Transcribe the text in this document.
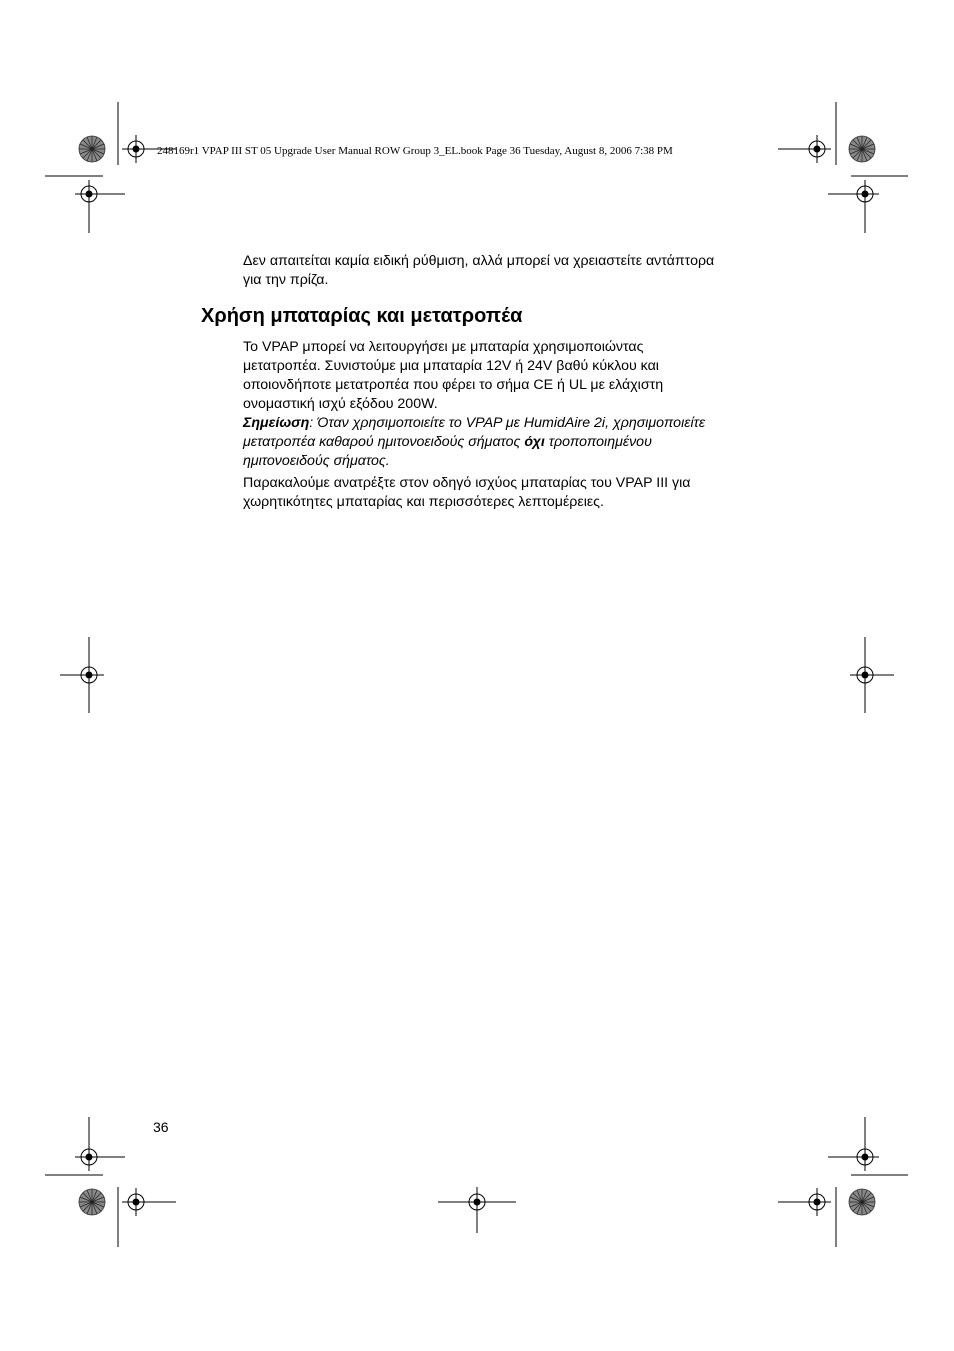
248169r1 VPAP III ST 05 Upgrade User Manual ROW Group 3_EL.book Page 36 Tuesday, August 8, 2006 7:38 PM

Δεν απαιτείται καμία ειδική ρύθμιση, αλλά μπορεί να χρειαστείτε αντάπτορα
για την πρίζα.

Χρήση μπαταρίας και μετατροπέα

Το VPAP μπορεί να λειτουργήσει με μπαταρία χρησιμοποιώντας
μετατροπέα. Συνιστούμε μια μπαταρία 12V ή 24V βαθύ κύκλου και
οποιονδήποτε μετατροπέα που φέρει το σήμα CE ή UL με ελάχιστη
ονομαστική ισχύ εξόδου 200W.

Σημείωση: Όταν χρησιμοποιείτε το VPAP με HumidAire 2i, χρησιμοποιείτε
μετατροπέα καθαρού ημιτονοειδούς σήματος όχι τροποποιημένου
ημιτονοειδούς σήματος.

Παρακαλούμε ανατρέξτε στον οδηγό ισχύος μπαταρίας του VPAP III για
χωρητικότητες μπαταρίας και περισσότερες λεπτομέρειες.

36
